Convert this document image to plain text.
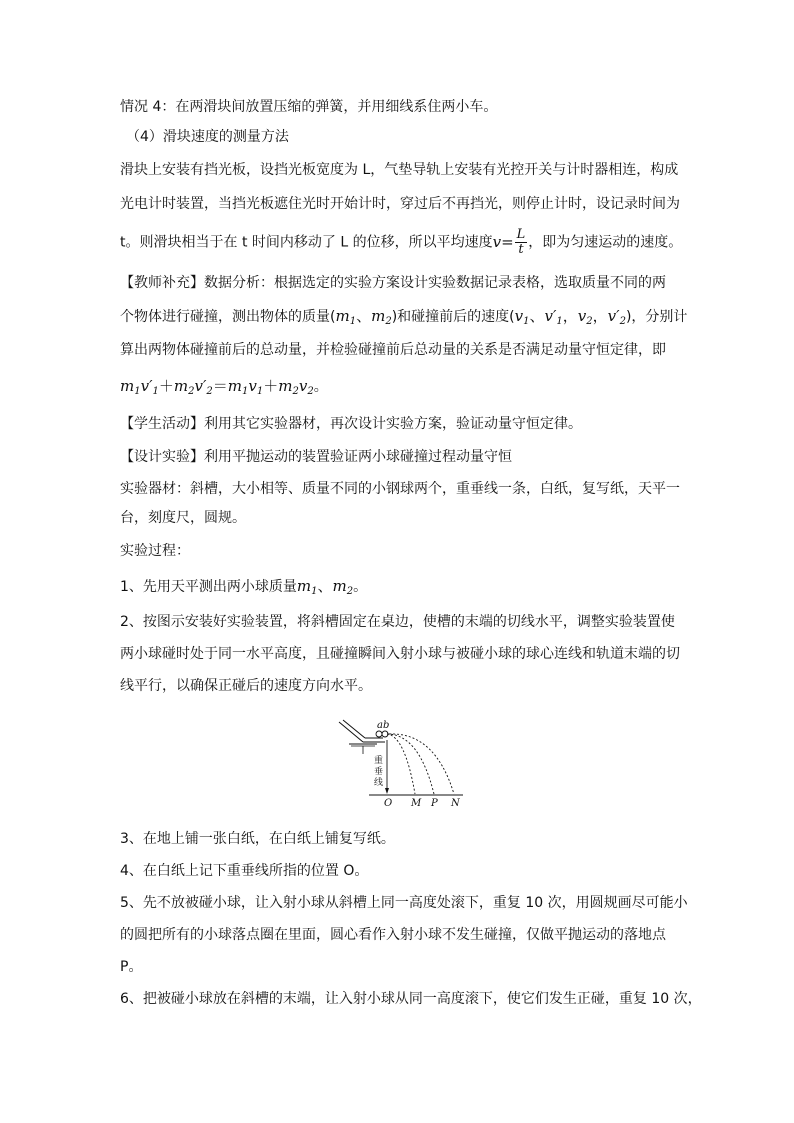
情况 4：在两滑块间放置压缩的弹簧，并用细线系住两小车。
（4）滑块速度的测量方法
滑块上安装有挡光板，设挡光板宽度为 L，气垫导轨上安装有光控开关与计时器相连，构成
光电计时装置，当挡光板遮住光时开始计时，穿过后不再挡光，则停止计时，设记录时间为
t。则滑块相当于在 t 时间内移动了 L 的位移，所以平均速度$v= \frac{L}{t}$ ，即为匀速运动的速度。
【教师补充】数据分析：根据选定的实验方案设计实验数据记录表格，选取质量不同的两
个物体进行碰撞，测出物体的质量($m_1$、$m_2$)和碰撞前后的速度($v_1$、$v'_1$，$v_2$，$v'_2$)，分别计
算出两物体碰撞前后的总动量，并检验碰撞前后总动量的关系是否满足动量守恒定律，即
$m_1v'_1+m_2v'_2=m_1v_1+m_2v_2$。
【学生活动】利用其它实验器材，再次设计实验方案，验证动量守恒定律。
【设计实验】利用平抛运动的装置验证两小球碰撞过程动量守恒
实验器材：斜槽，大小相等、质量不同的小钢球两个，重垂线一条，白纸，复写纸，天平一
台，刻度尺，圆规。
实验过程：
1、先用天平测出两小球质量$m_1$、$m_2$。
2、按图示安装好实验装置，将斜槽固定在桌边，使槽的末端的切线水平，调整实验装置使
两小球碰时处于同一水平高度，且碰撞瞬间入射小球与被碰小球的球心连线和轨道末端的切
线平行，以确保正碰后的速度方向水平。
a b
重
垂
线
O M P N
3、在地上铺一张白纸，在白纸上铺复写纸。
4、在白纸上记下重垂线所指的位置 O。
5、先不放被碰小球，让入射小球从斜槽上同一高度处滚下，重复 10 次，用圆规画尽可能小
的圆把所有的小球落点圈在里面，圆心看作入射小球不发生碰撞，仅做平抛运动的落地点
P。
6、把被碰小球放在斜槽的末端，让入射小球从同一高度滚下，使它们发生正碰，重复 10 次，
